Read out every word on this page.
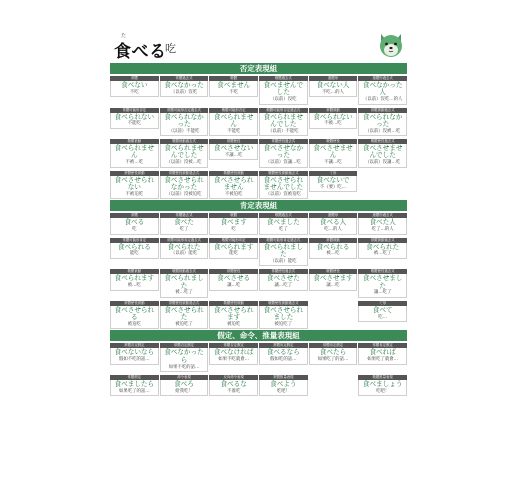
た
食べる
吃
否定表現組
常體
食べない
不吃
常體過去式
食べなかった
（以前）沒吃
敬體
食べません
不吃
敬體過去式
食べませんでした
（以前）沒吃
連體形
食べない人
不吃…的人
連體形過去式
食べなかった人
（以前）沒吃…的人
常體可能形否定
食べられない
不能吃
常體可能形否定過去式
食べられなかった
（以前）不能吃
敬體可能形否定
食べられません
不能吃
敬體可能形否定過去式
食べられませんでした
（以前）不能吃
常體被動
食べられない
不被…吃
常體被動過去式
食べられなかった
（以前）沒被…吃
敬體被動
食べられません
不被…吃
敬體被動過去式
食べられませんでした
（以前）沒被…吃
常體使役
食べさせない
不讓…吃
常體使役過去式
食べさせなかった
（以前）沒讓…吃
敬體使役
食べさせません
不讓…吃
敬體使役過去式
食べさせませんでした
（以前）沒讓…吃
常體使役被動
食べさせられない
不被迫吃
常體使役被動過去式
食べさせられなかった
（以前）沒被迫吃
敬體使役被動
食べさせられません
不被迫吃
敬體使役被動過去式
食べさせられませんでした
（以前）沒被迫吃
て形
食べないで
不（要）吃…
肯定表現組
常體
食べる
吃
常體過去式
食べた
吃了
敬體
食べます
吃
敬體過去式
食べました
吃了
連體形
食べる人
吃…的人
連體形過去式
食べた人
吃了…的人
常體可能形肯定
食べられる
能吃
常體可能形肯定過去式
食べられた
（以前）能吃
敬體可能形肯定
食べられます
能吃
敬體可能形肯定過去式
食べられました
（以前）能吃
常體被動
食べられる
被…吃
常體被動過去式
食べられた
被…吃了
敬體被動
食べられます
被…吃
敬體被動過去式
食べられました
被…吃了
常體使役
食べさせる
讓…吃
常體使役過去式
食べさせた
讓…吃了
敬體使役
食べさせます
讓…吃
敬體使役過去式
食べさせました
讓…吃了
常體使役被動
食べさせられる
被迫吃
常體使役被動過去式
食べさせられた
被迫吃了
敬體使役被動
食べさせられます
被迫吃
敬體使役被動過去式
食べさせられました
被迫吃了
て形
食べて
吃…
假定、命令、推量表現組
常體否定假定
食べないなら
假如不吃的話…
常體否定假定
食べなかったら
如果不吃的話…
常體否定假定
食べなければ
如果不吃就會…
常體肯定假定
食べるなら
假如吃的話…
常體肯定假定
食べたら
如果吃了的話…
常體肯定假定
食べれば
如果吃了就會…
常體假定
食べましたら
如果吃了的話…
命令表現
食べろ
給我吃！
反向命令表現
食べるな
不准吃
常體推量表現
食べよう
吃吧！
敬體推量表現
食べましょう
吃吧！
